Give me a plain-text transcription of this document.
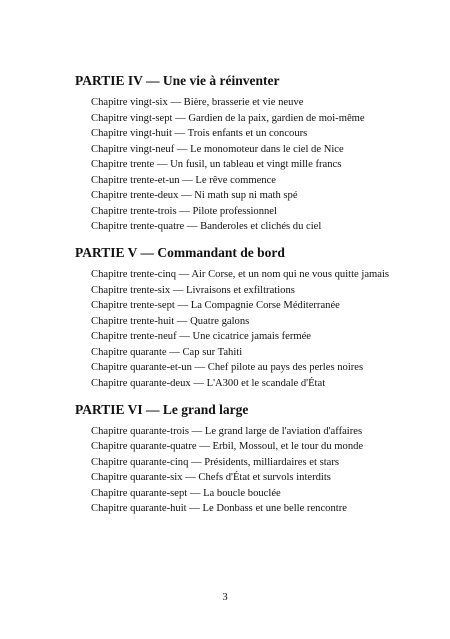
PARTIE IV — Une vie à réinventer
Chapitre vingt-six — Bière, brasserie et vie neuve
Chapitre vingt-sept — Gardien de la paix, gardien de moi-même
Chapitre vingt-huit — Trois enfants et un concours
Chapitre vingt-neuf — Le monomoteur dans le ciel de Nice
Chapitre trente — Un fusil, un tableau et vingt mille francs
Chapitre trente-et-un — Le rêve commence
Chapitre trente-deux — Ni math sup ni math spé
Chapitre trente-trois — Pilote professionnel
Chapitre trente-quatre — Banderoles et clichés du ciel
PARTIE V — Commandant de bord
Chapitre trente-cinq — Air Corse, et un nom qui ne vous quitte jamais
Chapitre trente-six — Livraisons et exfiltrations
Chapitre trente-sept — La Compagnie Corse Méditerranée
Chapitre trente-huit — Quatre galons
Chapitre trente-neuf — Une cicatrice jamais fermée
Chapitre quarante — Cap sur Tahiti
Chapitre quarante-et-un — Chef pilote au pays des perles noires
Chapitre quarante-deux — L'A300 et le scandale d'État
PARTIE VI — Le grand large
Chapitre quarante-trois — Le grand large de l'aviation d'affaires
Chapitre quarante-quatre — Erbil, Mossoul, et le tour du monde
Chapitre quarante-cinq — Présidents, milliardaires et stars
Chapitre quarante-six — Chefs d'État et survols interdits
Chapitre quarante-sept — La boucle bouclée
Chapitre quarante-huit — Le Donbass et une belle rencontre
3
